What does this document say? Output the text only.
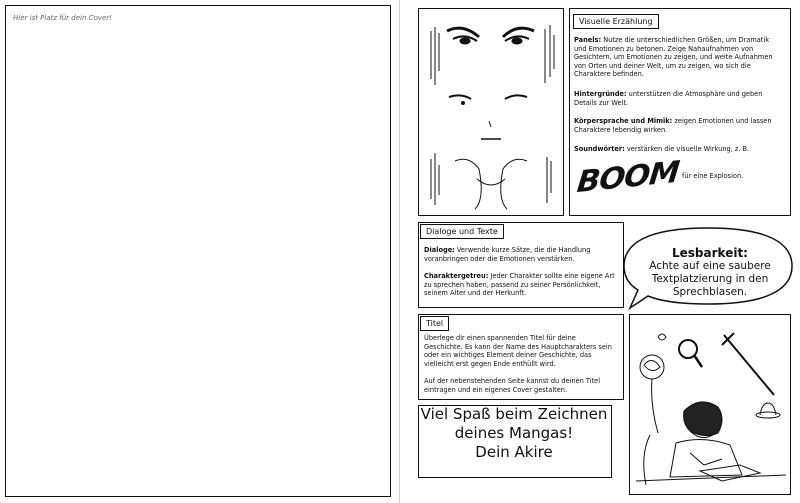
Hier ist Platz für dein Cover!	Visuelle Erzählung
Panels: Nutze die unterschiedlichen Größen, um Dramatik und Emotionen zu betonen. Zeige Nahaufnahmen von Gesichtern, um Emotionen zu zeigen, und weite Aufnahmen von Orten und deiner Welt, um zu zeigen, wo sich die Charaktere befinden.
Hintergründe: unterstützen die Atmosphäre und geben Details zur Welt.
Körpersprache und Mimik: zeigen Emotionen und lassen Charaktere lebendig wirken.
Soundwörter: verstärken die visuelle Wirkung, z. B.
BOOM für eine Explosion.
Dialoge und Texte
Dialoge: Verwende kurze Sätze, die die Handlung voranbringen oder die Emotionen verstärken.
Charaktergetreu: Jeder Charakter sollte eine eigene Art zu sprechen haben, passend zu seiner Persönlichkeit, seinem Alter und der Herkunft.
Lesbarkeit:
Achte auf eine saubere Textplatzierung in den Sprechblasen.
Titel
Überlege dir einen spannenden Titel für deine Geschichte. Es kann der Name des Hauptcharakters sein oder ein wichtiges Element deiner Geschichte, das vielleicht erst gegen Ende enthüllt wird.
Auf der nebenstehenden Seite kannst du deinen Titel eintragen und ein eigenes Cover gestalten.
Viel Spaß beim Zeichnen
deines Mangas!
Dein Akire
